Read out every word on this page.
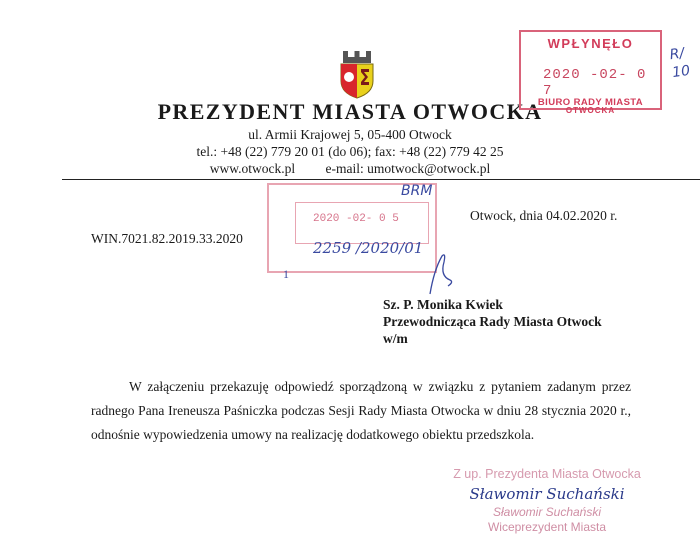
PREZYDENT MIASTA OTWOCKA
ul. Armii Krajowej 5, 05-400 Otwock
tel.: +48 (22) 779 20 01 (do 06); fax: +48 (22) 779 42 25
www.otwock.pl e-mail: umotwock@otwock.pl
WPŁYNĘŁO
2020 -02- 0 7
BIURO RADY MIASTA
OTWOCKA
R/
10
2020 -02- 0 5
2259 /2020/01
BRM
1
WIN.7021.82.2019.33.2020
Otwock, dnia 04.02.2020 r.
Sz. P. Monika Kwiek
Przewodnicząca Rady Miasta Otwock
w/m

W załączeniu przekazuję odpowiedź sporządzoną w związku z pytaniem zadanym przez radnego Pana Ireneusza Paśniczka podczas Sesji Rady Miasta Otwocka w dniu 28 stycznia 2020 r., odnośnie wypowiedzenia umowy na realizację dodatkowego obiektu przedszkola.

Z up. Prezydenta Miasta Otwocka
Sławomir Suchański
Sławomir Suchański
Wiceprezydent Miasta
